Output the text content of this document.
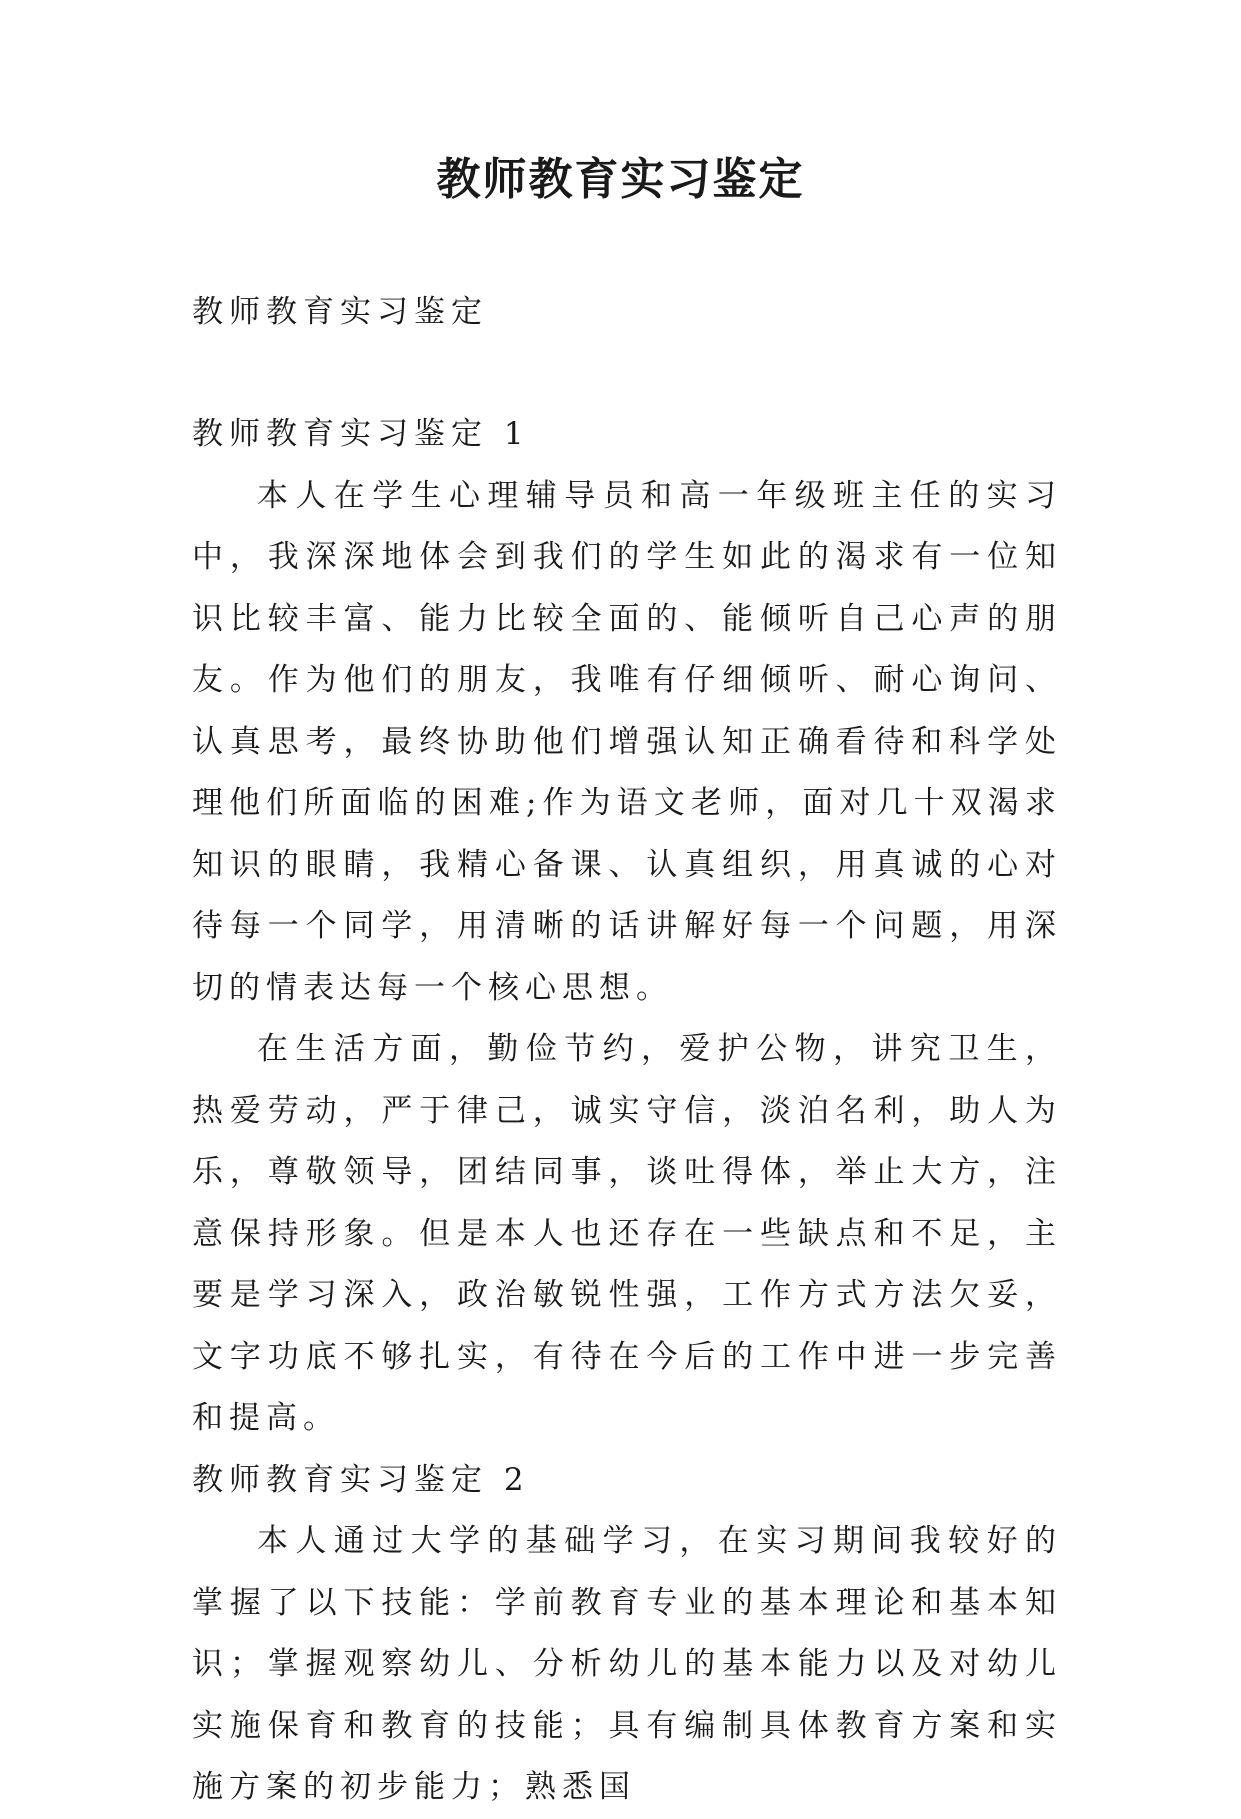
教师教育实习鉴定

教师教育实习鉴定

教师教育实习鉴定 1
本人在学生心理辅导员和高一年级班主任的实习中，我深深地体会到我们的学生如此的渴求有一位知识比较丰富、能力比较全面的、能倾听自己心声的朋友。作为他们的朋友，我唯有仔细倾听、耐心询问、认真思考，最终协助他们增强认知正确看待和科学处理他们所面临的困难;作为语文老师，面对几十双渴求知识的眼睛，我精心备课、认真组织，用真诚的心对待每一个同学，用清晰的话讲解好每一个问题，用深切的情表达每一个核心思想。
在生活方面，勤俭节约，爱护公物，讲究卫生，热爱劳动，严于律己，诚实守信，淡泊名利，助人为乐，尊敬领导，团结同事，谈吐得体，举止大方，注意保持形象。但是本人也还存在一些缺点和不足，主要是学习深入，政治敏锐性强，工作方式方法欠妥，文字功底不够扎实，有待在今后的工作中进一步完善和提高。
教师教育实习鉴定 2
本人通过大学的基础学习，在实习期间我较好的掌握了以下技能：学前教育专业的基本理论和基本知识；掌握观察幼儿、分析幼儿的基本能力以及对幼儿实施保育和教育的技能；具有编制具体教育方案和实施方案的初步能力；熟悉国
